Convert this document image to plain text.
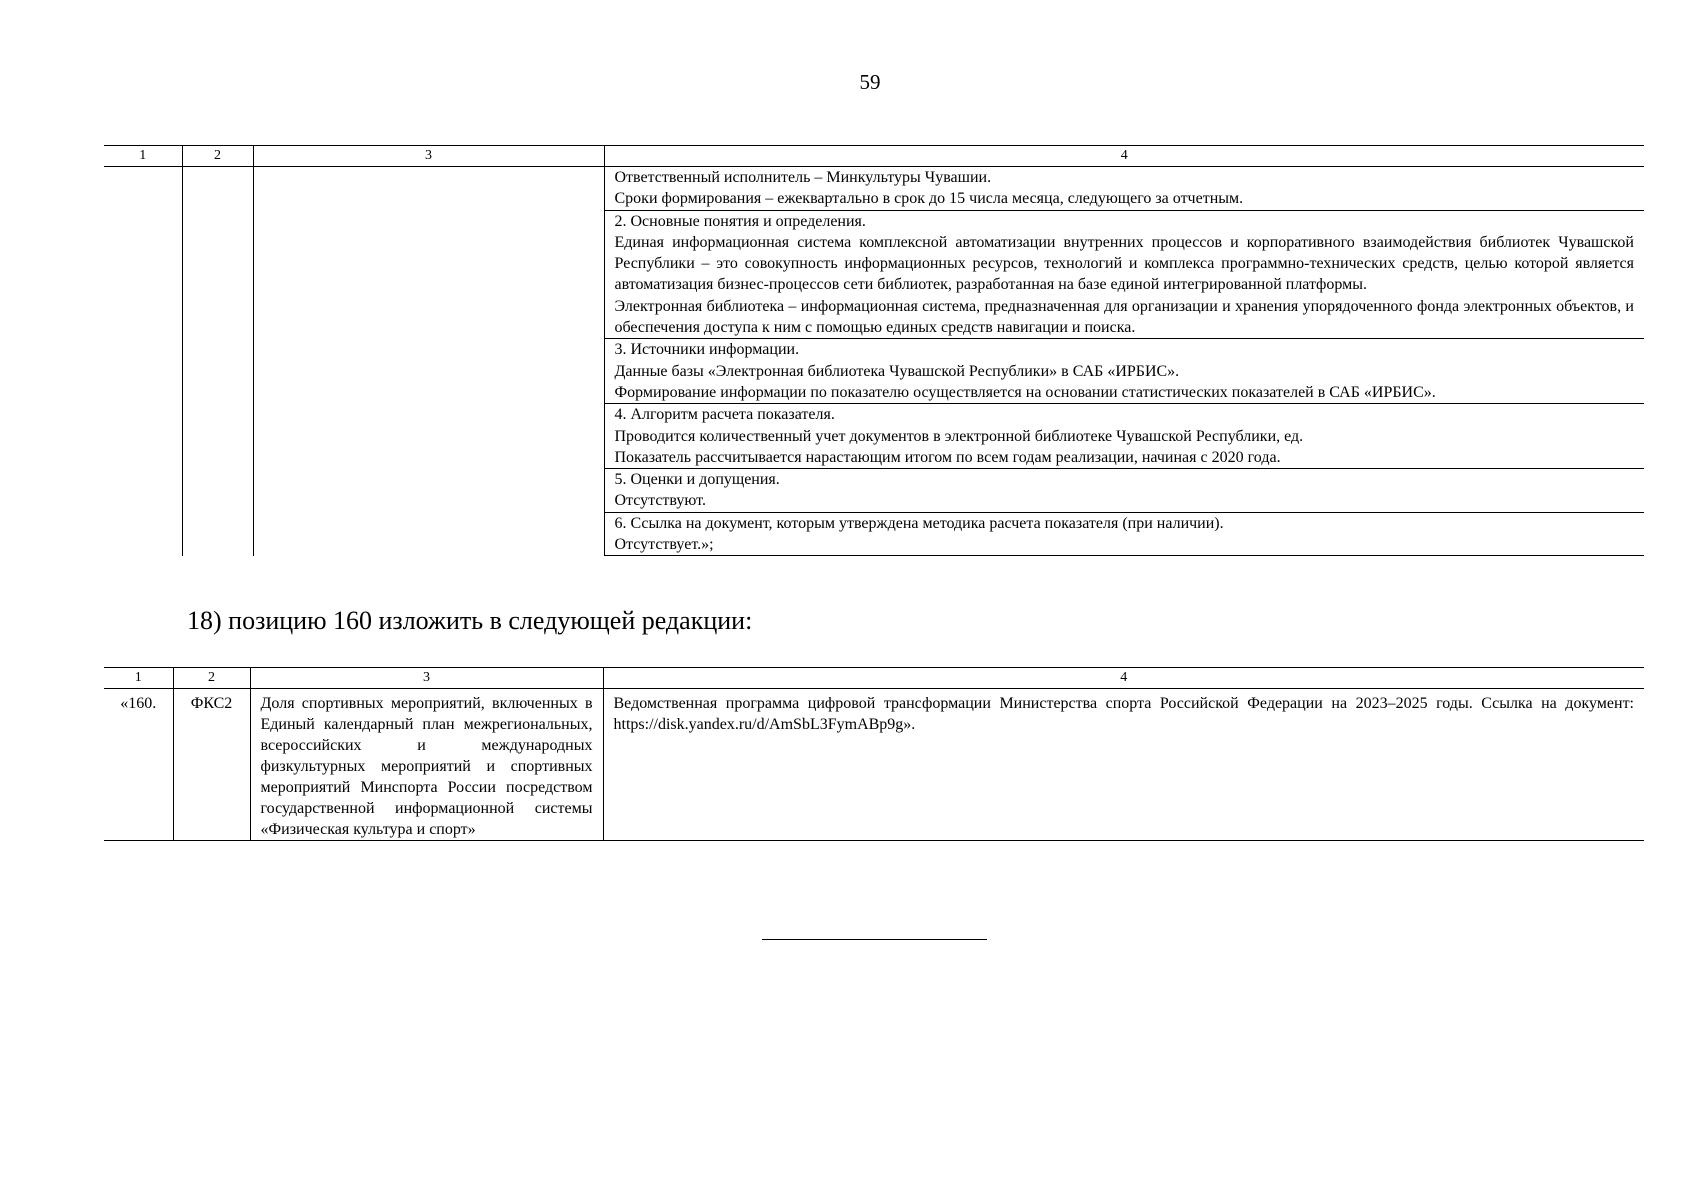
59
1	2	3	4

			Ответственный исполнитель – Минкультуры Чувашии.
Сроки формирования – ежеквартально в срок до 15 числа месяца, следующего за отчетным.

			2. Основные понятия и определения.
Единая информационная система комплексной автоматизации внутренних процессов и корпоративного взаимодействия библиотек Чувашской Республики – это совокупность информационных ресурсов, технологий и комплекса программно-технических средств, целью которой является автоматизация бизнес-процессов сети библиотек, разработанная на базе единой интегрированной платформы.
Электронная библиотека – информационная система, предназначенная для организации и хранения упорядоченного фонда электронных объектов, и обеспечения доступа к ним с помощью единых средств навигации и поиска.

			3. Источники информации.
Данные базы «Электронная библиотека Чувашской Республики» в САБ «ИРБИС».
Формирование информации по показателю осуществляется на основании статистических показателей в САБ «ИРБИС».

			4. Алгоритм расчета показателя.
Проводится количественный учет документов в электронной библиотеке Чувашской Республики, ед.
Показатель рассчитывается нарастающим итогом по всем годам реализации, начиная с 2020 года.

			5. Оценки и допущения.
Отсутствуют.

			6. Ссылка на документ, которым утверждена методика расчета показателя (при наличии).
Отсутствует.»;
18) позицию 160 изложить в следующей редакции:
1	2	3	4
«160.	ФКС2	Доля спортивных мероприятий, включенных в Единый календарный план межрегиональных, всероссийских и международных физкультурных мероприятий и спортивных мероприятий Минспорта России посредством государственной информационной системы «Физическая культура и спорт»	Ведомственная программа цифровой трансформации Министерства спорта Российской Федерации на 2023–2025 годы. Ссылка на документ: https://disk.yandex.ru/d/AmSbL3FymABp9g».
